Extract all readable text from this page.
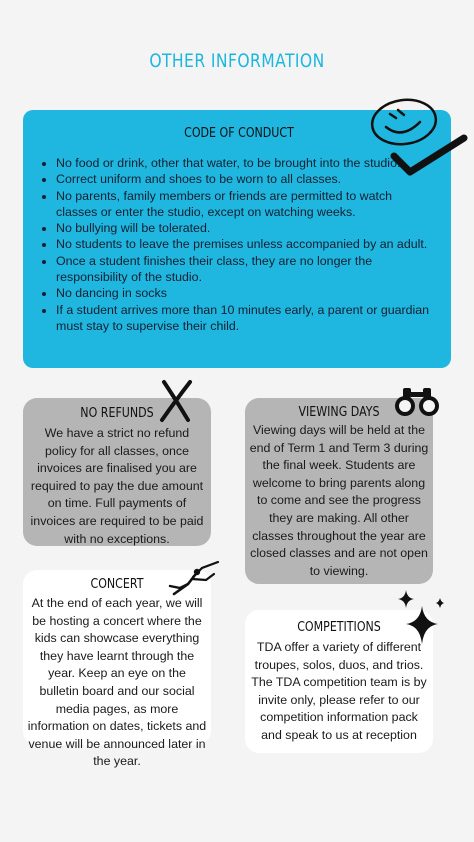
OTHER INFORMATION
CODE OF CONDUCT
• No food or drink, other that water, to be brought into the studio.
• Correct uniform and shoes to be worn to all classes.
• No parents, family members or friends are permitted to watch classes or enter the studio, except on watching weeks.
• No bullying will be tolerated.
• No students to leave the premises unless accompanied by an adult.
• Once a student finishes their class, they are no longer the responsibility of the studio.
• No dancing in socks
• If a student arrives more than 10 minutes early, a parent or guardian must stay to supervise their child.
NO REFUNDS

We have a strict no refund policy for all classes, once invoices are finalised you are required to pay the due amount on time. Full payments of invoices are required to be paid with no exceptions.

VIEWING DAYS

Viewing days will be held at the end of Term 1 and Term 3 during the final week. Students are welcome to bring parents along to come and see the progress they are making. All other classes throughout the year are closed classes and are not open to viewing.

CONCERT

At the end of each year, we will be hosting a concert where the kids can showcase everything they have learnt through the year. Keep an eye on the bulletin board and our social media pages, as more information on dates, tickets and venue will be announced later in the year.

COMPETITIONS

TDA offer a variety of different troupes, solos, duos, and trios. The TDA competition team is by invite only, please refer to our competition information pack and speak to us at reception
